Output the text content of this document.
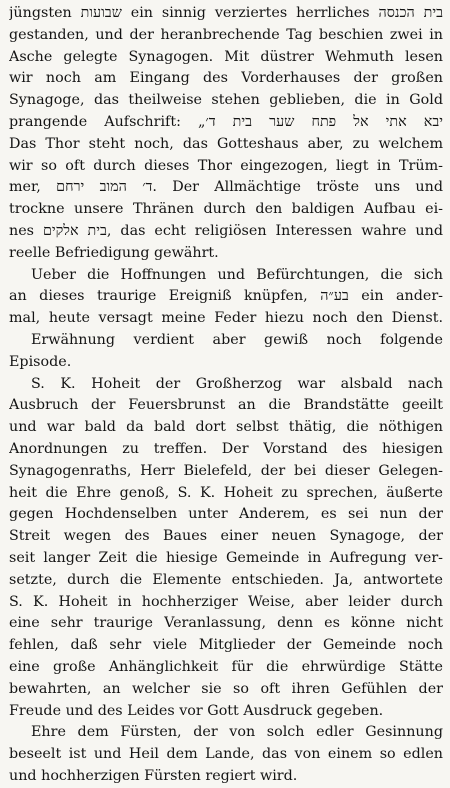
jüngsten שבועות ein sinnig verziertes herrliches בית הכנסה
gestanden, und der heranbrechende Tag beschien zwei in
Asche gelegte Synagogen. Mit düstrer Wehmuth lesen
wir noch am Eingang des Vorderhauses der großen
Synagoge, das theilweise stehen geblieben, die in Gold
prangende Aufschrift: „יבא אתי אל פתח שער בית ד׳
Das Thor steht noch, das Gotteshaus aber, zu welchem
wir so oft durch dieses Thor eingezogen, liegt in Trüm-
mer, ד׳ המוב ירחם. Der Allmächtige tröste uns und
trockne unsere Thränen durch den baldigen Aufbau ei-
nes בית אלקים, das echt religiösen Interessen wahre und
reelle Befriedigung gewährt.
Ueber die Hoffnungen und Befürchtungen, die sich
an dieses traurige Ereigniß knüpfen, בע״ה ein ander-
mal, heute versagt meine Feder hiezu noch den Dienst.
Erwähnung verdient aber gewiß noch folgende
Episode.
S. K. Hoheit der Großherzog war alsbald nach
Ausbruch der Feuersbrunst an die Brandstätte geeilt
und war bald da bald dort selbst thätig, die nöthigen
Anordnungen zu treffen. Der Vorstand des hiesigen
Synagogenraths, Herr Bielefeld, der bei dieser Gelegen-
heit die Ehre genoß, S. K. Hoheit zu sprechen, äußerte
gegen Hochdenselben unter Anderem, es sei nun der
Streit wegen des Baues einer neuen Synagoge, der
seit langer Zeit die hiesige Gemeinde in Aufregung ver-
setzte, durch die Elemente entschieden. Ja, antwortete
S. K. Hoheit in hochherziger Weise, aber leider durch
eine sehr traurige Veranlassung, denn es könne nicht
fehlen, daß sehr viele Mitglieder der Gemeinde noch
eine große Anhänglichkeit für die ehrwürdige Stätte
bewahrten, an welcher sie so oft ihren Gefühlen der
Freude und des Leides vor Gott Ausdruck gegeben.
Ehre dem Fürsten, der von solch edler Gesinnung
beseelt ist und Heil dem Lande, das von einem so edlen
und hochherzigen Fürsten regiert wird.
